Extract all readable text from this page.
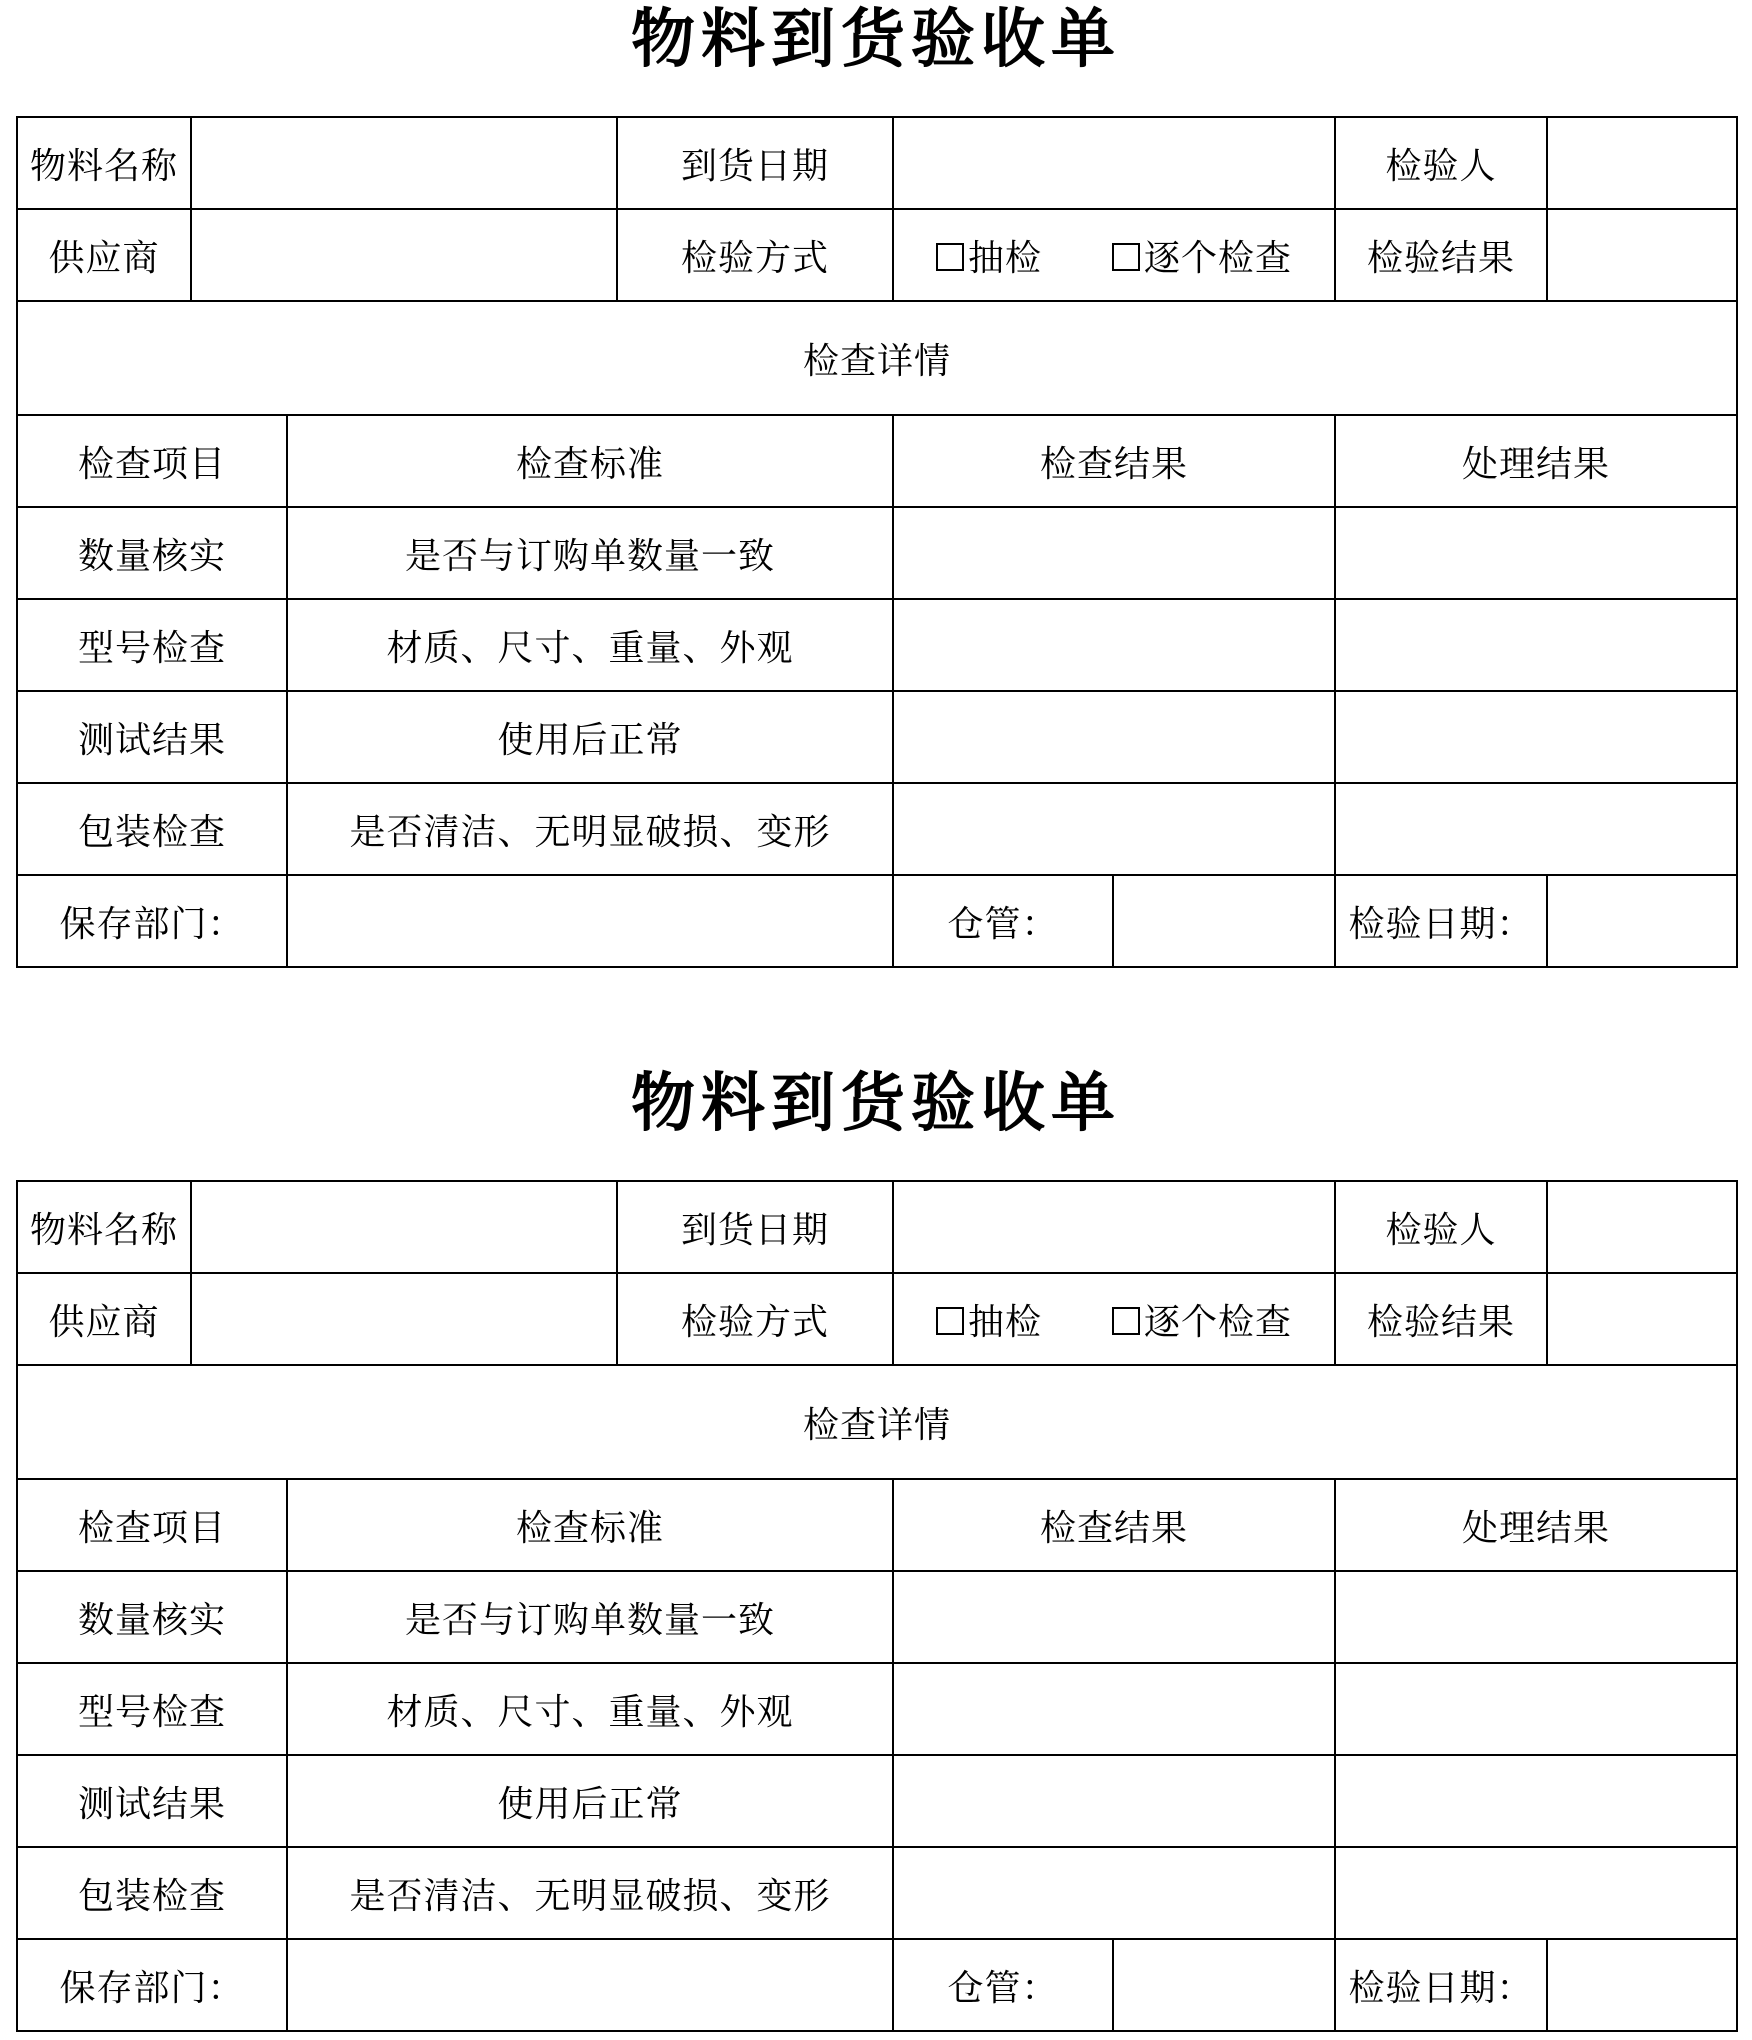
物料到货验收单
物料名称			到货日期			检验人	
供应商			检验方式	抽检 逐个检查		检验结果	
检查详情							
检查项目		检查标准		检查结果		处理结果	
数量核实		是否与订购单数量一致					
型号检查		材质、尺寸、重量、外观					
测试结果		使用后正常					
包装检查		是否清洁、无明显破损、变形					
保存部门：				仓管：		检验日期：	
物料到货验收单
物料名称			到货日期			检验人	
供应商			检验方式	抽检 逐个检查		检验结果	
检查详情							
检查项目		检查标准		检查结果		处理结果	
数量核实		是否与订购单数量一致					
型号检查		材质、尺寸、重量、外观					
测试结果		使用后正常					
包装检查		是否清洁、无明显破损、变形					
保存部门：				仓管：		检验日期：	
